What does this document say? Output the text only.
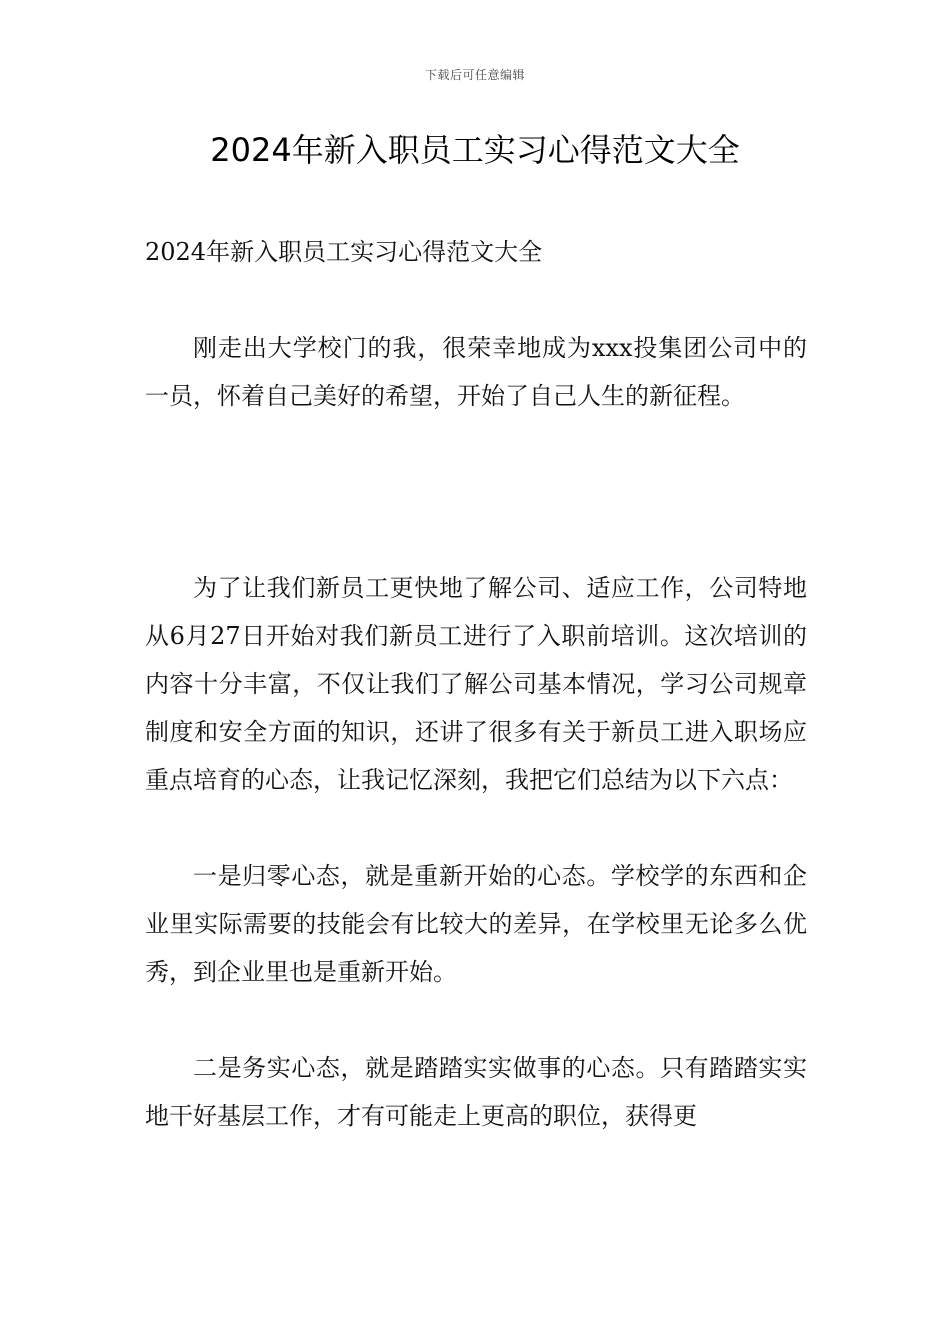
下载后可任意编辑
2024年新入职员工实习心得范文大全

2024年新入职员工实习心得范文大全

刚走出大学校门的我，很荣幸地成为xxx投集团公司中的一员，怀着自己美好的希望，开始了自己人生的新征程。

为了让我们新员工更快地了解公司、适应工作，公司特地从6月27日开始对我们新员工进行了入职前培训。这次培训的内容十分丰富，不仅让我们了解公司基本情况，学习公司规章制度和安全方面的知识，还讲了很多有关于新员工进入职场应重点培育的心态，让我记忆深刻，我把它们总结为以下六点：

一是归零心态，就是重新开始的心态。学校学的东西和企业里实际需要的技能会有比较大的差异，在学校里无论多么优秀，到企业里也是重新开始。

二是务实心态，就是踏踏实实做事的心态。只有踏踏实实地干好基层工作，才有可能走上更高的职位，获得更
